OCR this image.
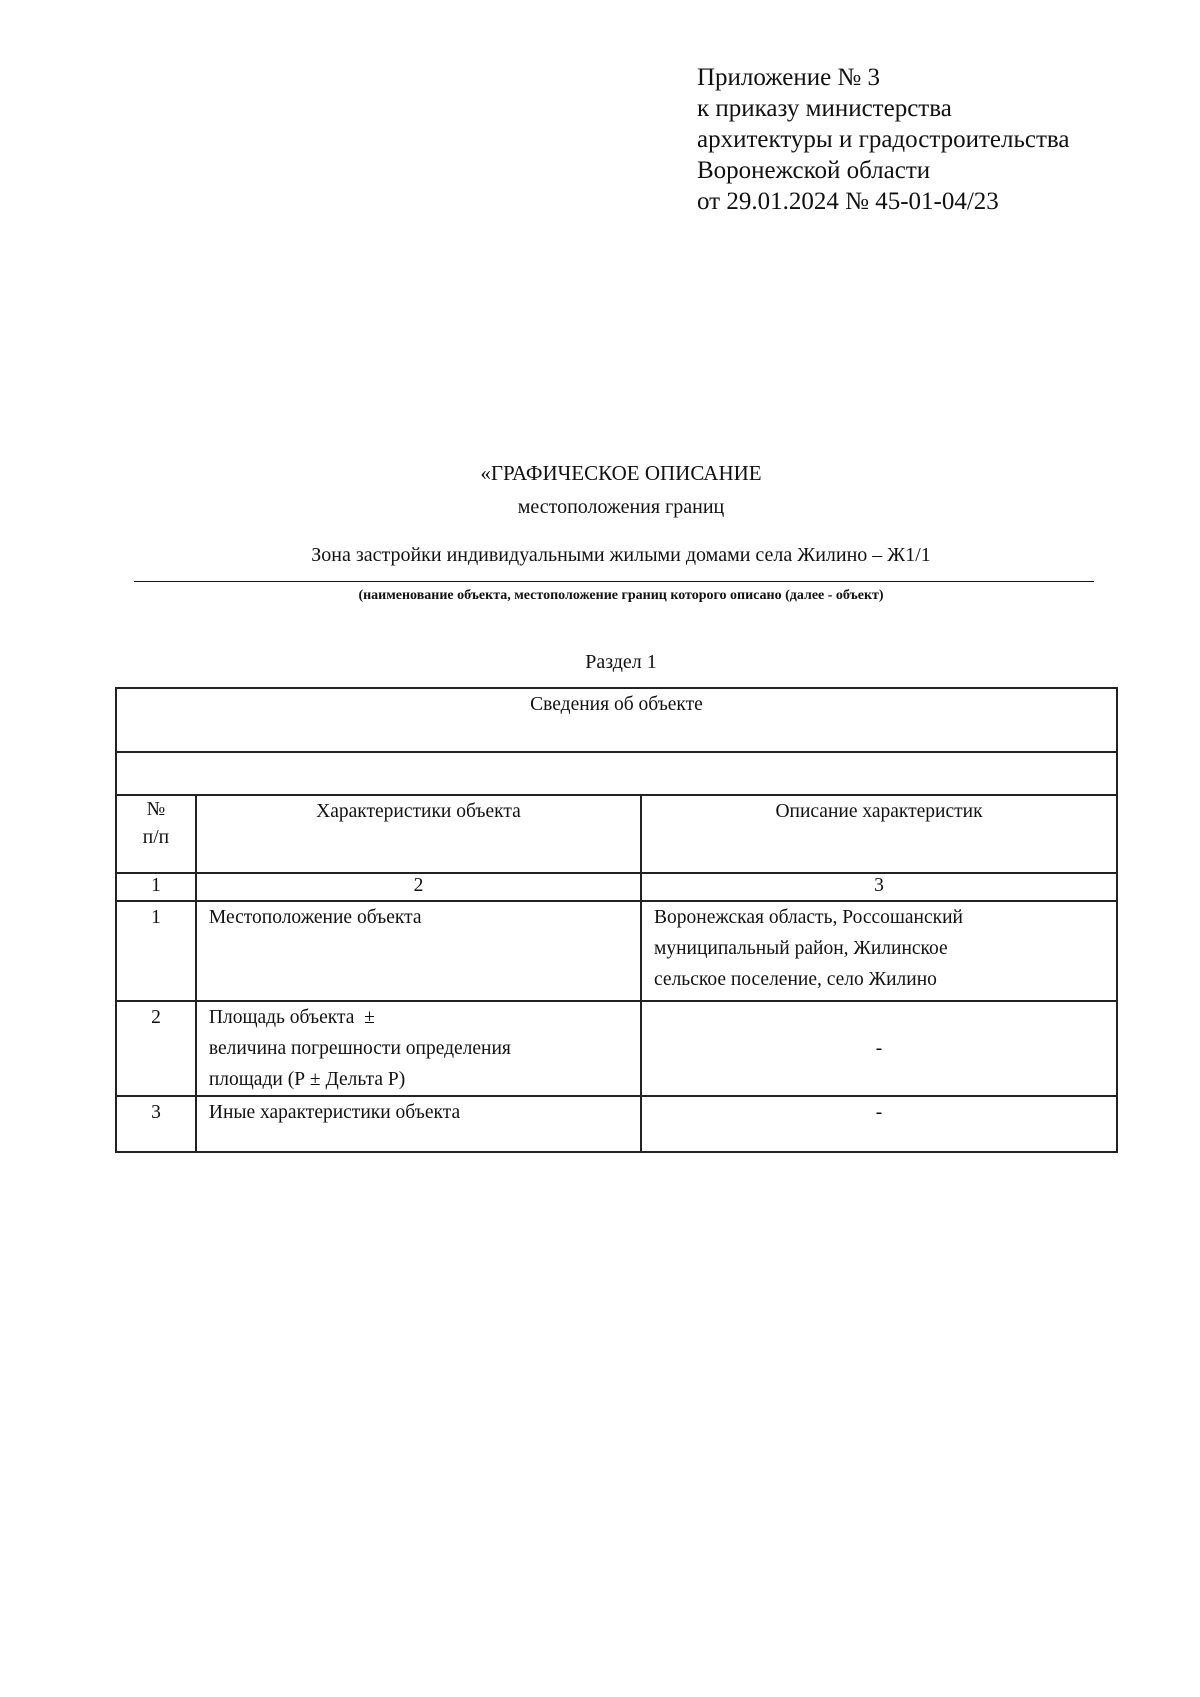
Приложение № 3
к приказу министерства
архитектуры и градостроительства
Воронежской области
от 29.01.2024 № 45-01-04/23
«ГРАФИЧЕСКОЕ ОПИСАНИЕ
местоположения границ
Зона застройки индивидуальными жилыми домами села Жилино – Ж1/1
(наименование объекта, местоположение границ которого описано (далее - объект)
Раздел 1
Сведения об объекте		

№
п/п	Характеристики объекта	Описание характеристик
1	2	3
1	Местоположение объекта	Воронежская область, Россошанский
муниципальный район, Жилинское
сельское поселение, село Жилино

2	Площадь объекта  ±
величина погрешности определения
площади (Р ± Дельта Р)	-

3	Иные характеристики объекта	-
